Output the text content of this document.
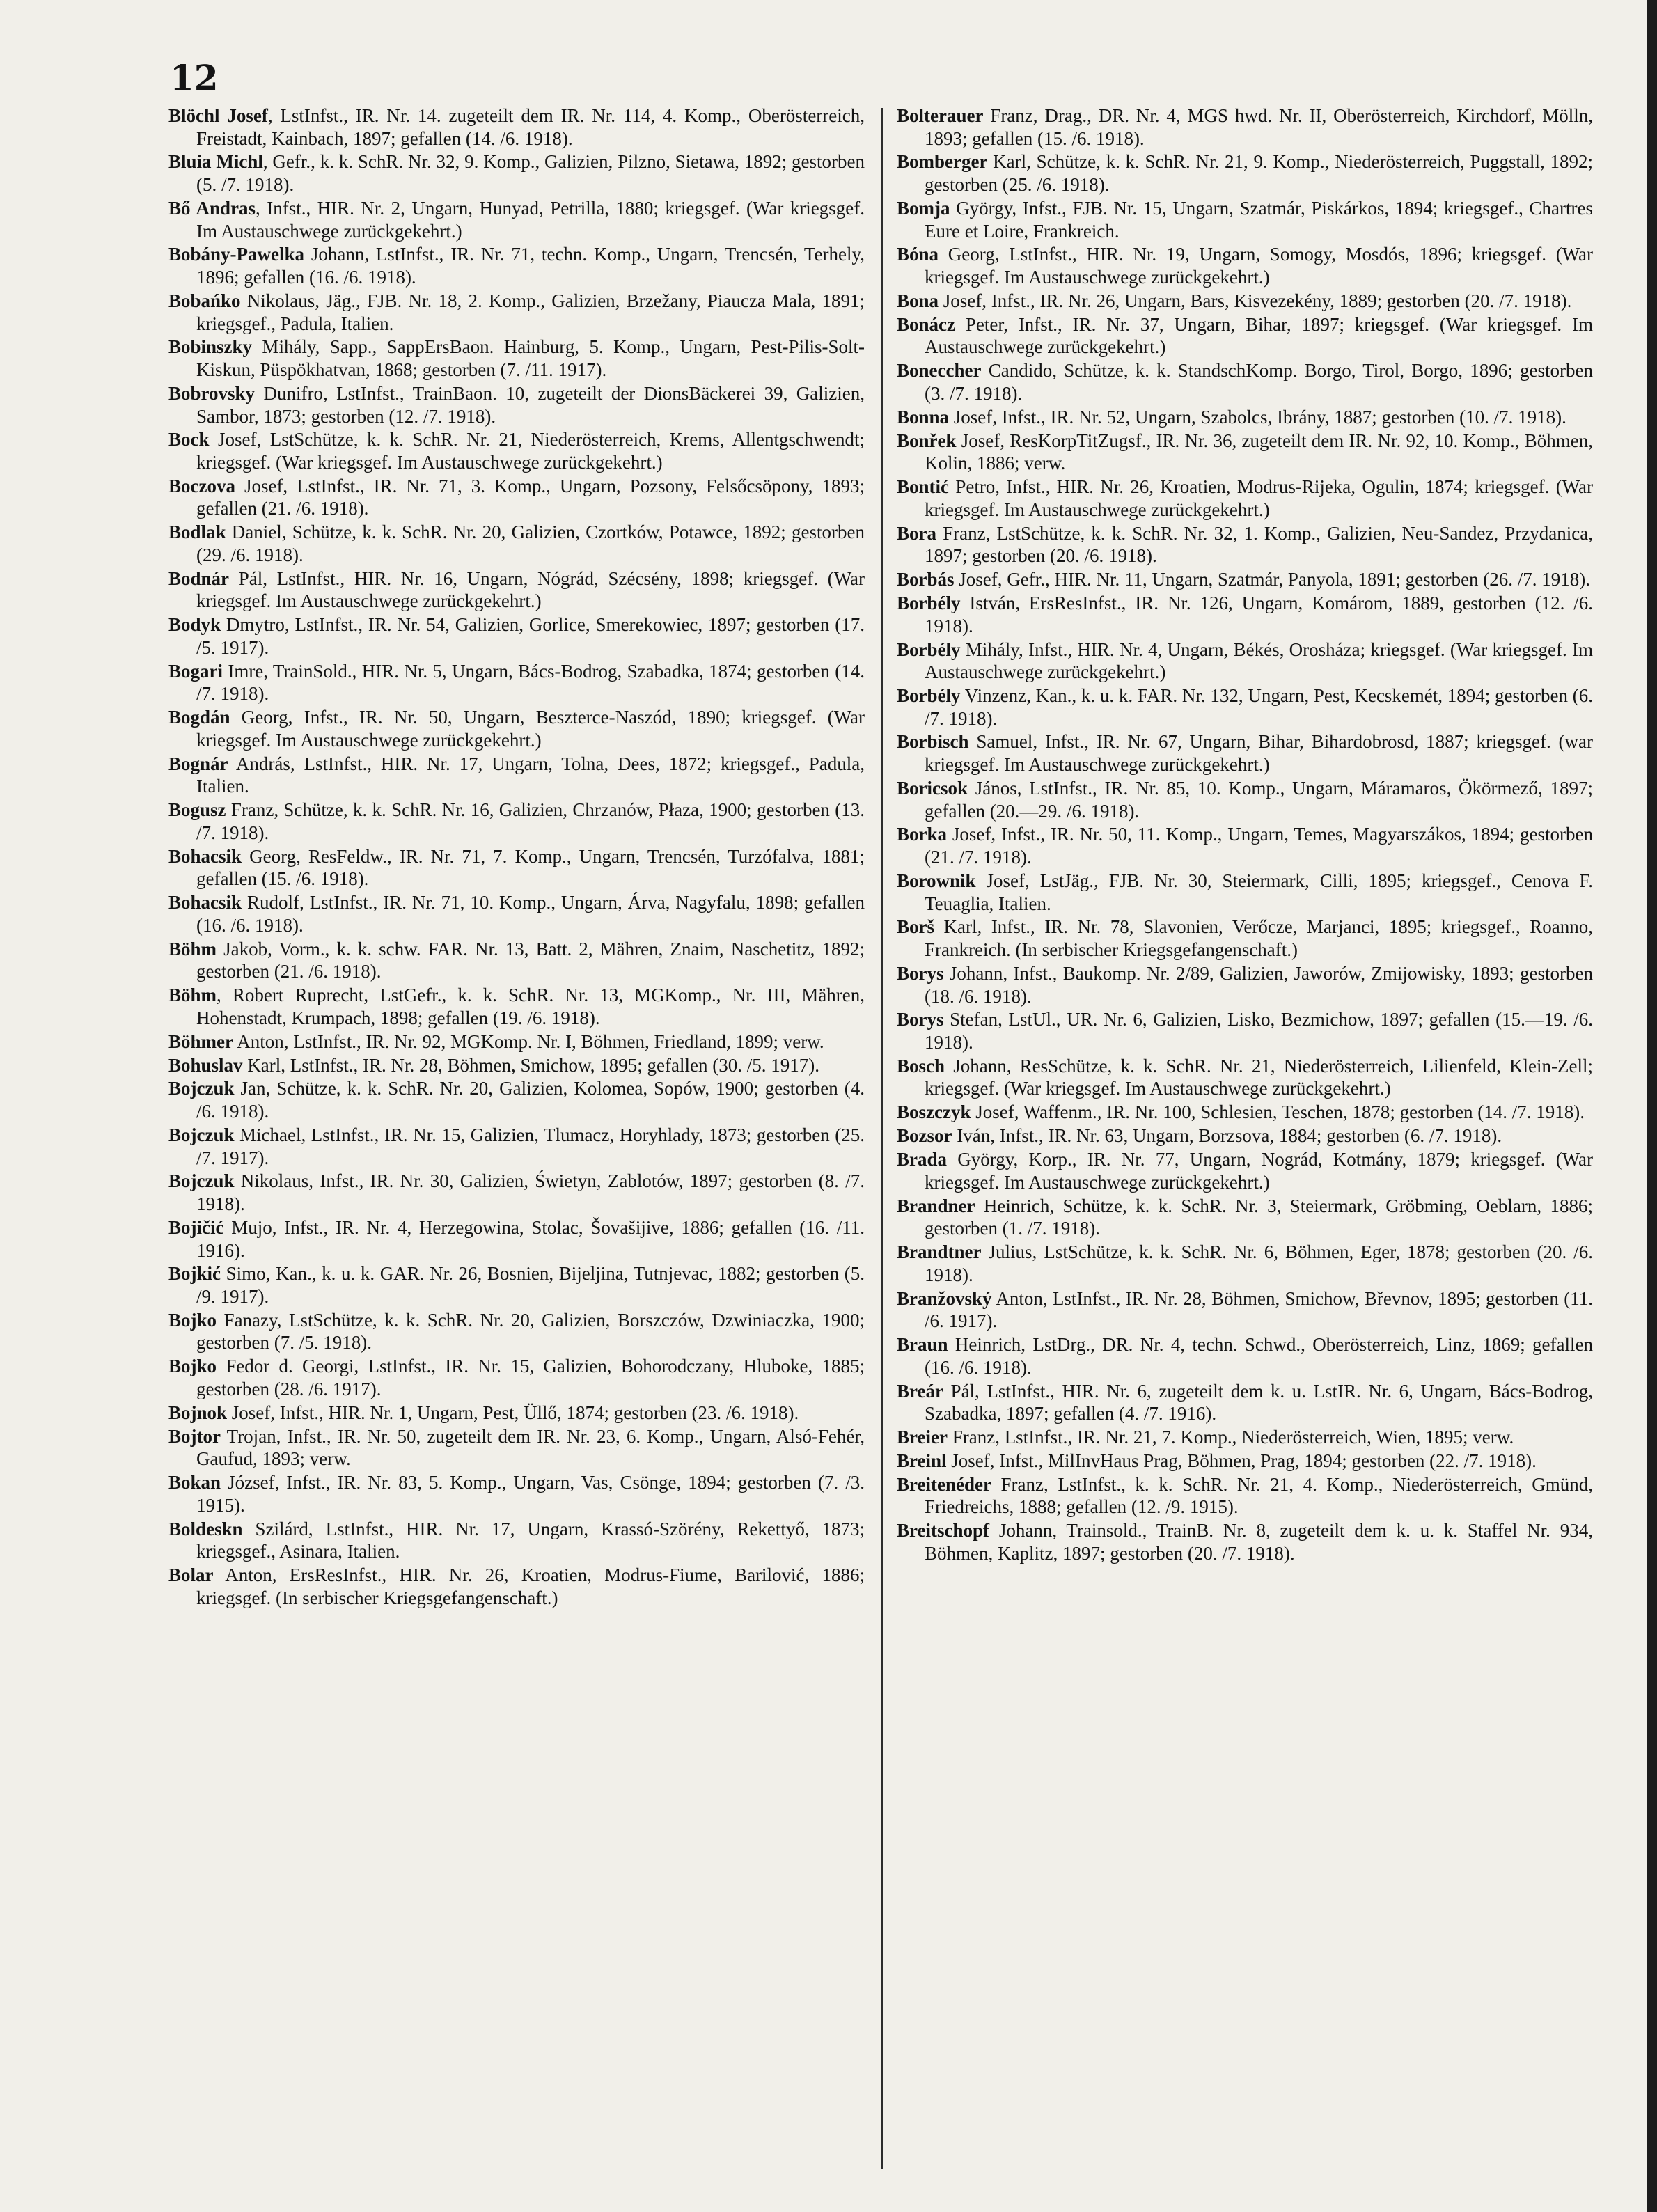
12

Blöchl Josef, LstInfst., IR. Nr. 14. zugeteilt dem IR. Nr. 114, 4. Komp., Oberösterreich, Freistadt, Kainbach, 1897; gefallen (14. /6. 1918).

Bluia Michl, Gefr., k. k. SchR. Nr. 32, 9. Komp., Galizien, Pilzno, Sietawa, 1892; gestorben (5. /7. 1918).

Bő Andras, Infst., HIR. Nr. 2, Ungarn, Hunyad, Petrilla, 1880; kriegsgef. (War kriegsgef. Im Austauschwege zurückgekehrt.)

Bobány-Pawelka Johann, LstInfst., IR. Nr. 71, techn. Komp., Ungarn, Trencsén, Terhely, 1896; gefallen (16. /6. 1918).

Bobańko Nikolaus, Jäg., FJB. Nr. 18, 2. Komp., Galizien, Brzežany, Piaucza Mala, 1891; kriegsgef., Padula, Italien.

Bobinszky Mihály, Sapp., SappErsBaon. Hainburg, 5. Komp., Ungarn, Pest-Pilis-Solt-Kiskun, Püspökhatvan, 1868; gestorben (7. /11. 1917).

Bobrovsky Dunifro, LstInfst., TrainBaon. 10, zugeteilt der DionsBäckerei 39, Galizien, Sambor, 1873; gestorben (12. /7. 1918).

Bock Josef, LstSchütze, k. k. SchR. Nr. 21, Niederösterreich, Krems, Allentgschwendt; kriegsgef. (War kriegsgef. Im Austauschwege zurückgekehrt.)

Boczova Josef, LstInfst., IR. Nr. 71, 3. Komp., Ungarn, Pozsony, Felsőcsöpony, 1893; gefallen (21. /6. 1918).

Bodlak Daniel, Schütze, k. k. SchR. Nr. 20, Galizien, Czortków, Potawce, 1892; gestorben (29. /6. 1918).

Bodnár Pál, LstInfst., HIR. Nr. 16, Ungarn, Nógrád, Szécsény, 1898; kriegsgef. (War kriegsgef. Im Austauschwege zurückgekehrt.)

Bodyk Dmytro, LstInfst., IR. Nr. 54, Galizien, Gorlice, Smerekowiec, 1897; gestorben (17. /5. 1917).

Bogari Imre, TrainSold., HIR. Nr. 5, Ungarn, Bács-Bodrog, Szabadka, 1874; gestorben (14. /7. 1918).

Bogdán Georg, Infst., IR. Nr. 50, Ungarn, Beszterce-Naszód, 1890; kriegsgef. (War kriegsgef. Im Austauschwege zurückgekehrt.)

Bognár András, LstInfst., HIR. Nr. 17, Ungarn, Tolna, Dees, 1872; kriegsgef., Padula, Italien.

Bogusz Franz, Schütze, k. k. SchR. Nr. 16, Galizien, Chrzanów, Płaza, 1900; gestorben (13. /7. 1918).

Bohacsik Georg, ResFeldw., IR. Nr. 71, 7. Komp., Ungarn, Trencsén, Turzófalva, 1881; gefallen (15. /6. 1918).

Bohacsik Rudolf, LstInfst., IR. Nr. 71, 10. Komp., Ungarn, Árva, Nagyfalu, 1898; gefallen (16. /6. 1918).

Böhm Jakob, Vorm., k. k. schw. FAR. Nr. 13, Batt. 2, Mähren, Znaim, Naschetitz, 1892; gestorben (21. /6. 1918).

Böhm, Robert Ruprecht, LstGefr., k. k. SchR. Nr. 13, MGKomp., Nr. III, Mähren, Hohenstadt, Krumpach, 1898; gefallen (19. /6. 1918).

Böhmer Anton, LstInfst., IR. Nr. 92, MGKomp. Nr. I, Böhmen, Friedland, 1899; verw.

Bohuslav Karl, LstInfst., IR. Nr. 28, Böhmen, Smichow, 1895; gefallen (30. /5. 1917).

Bojczuk Jan, Schütze, k. k. SchR. Nr. 20, Galizien, Kolomea, Sopów, 1900; gestorben (4. /6. 1918).

Bojczuk Michael, LstInfst., IR. Nr. 15, Galizien, Tlumacz, Horyhlady, 1873; gestorben (25. /7. 1917).

Bojczuk Nikolaus, Infst., IR. Nr. 30, Galizien, Świetyn, Zablotów, 1897; gestorben (8. /7. 1918).

Bojičić Mujo, Infst., IR. Nr. 4, Herzegowina, Stolac, Šovašijive, 1886; gefallen (16. /11. 1916).

Bojkić Simo, Kan., k. u. k. GAR. Nr. 26, Bosnien, Bijeljina, Tutnjevac, 1882; gestorben (5. /9. 1917).

Bojko Fanazy, LstSchütze, k. k. SchR. Nr. 20, Galizien, Borszczów, Dzwiniaczka, 1900; gestorben (7. /5. 1918).

Bojko Fedor d. Georgi, LstInfst., IR. Nr. 15, Galizien, Bohorodczany, Hluboke, 1885; gestorben (28. /6. 1917).

Bojnok Josef, Infst., HIR. Nr. 1, Ungarn, Pest, Üllő, 1874; gestorben (23. /6. 1918).

Bojtor Trojan, Infst., IR. Nr. 50, zugeteilt dem IR. Nr. 23, 6. Komp., Ungarn, Alsó-Fehér, Gaufud, 1893; verw.

Bokan József, Infst., IR. Nr. 83, 5. Komp., Ungarn, Vas, Csönge, 1894; gestorben (7. /3. 1915).

Boldeskn Szilárd, LstInfst., HIR. Nr. 17, Ungarn, Krassó-Szörény, Rekettyő, 1873; kriegsgef., Asinara, Italien.

Bolar Anton, ErsResInfst., HIR. Nr. 26, Kroatien, Modrus-Fiume, Barilović, 1886; kriegsgef. (In serbischer Kriegsgefangenschaft.)

Bolterauer Franz, Drag., DR. Nr. 4, MGS hwd. Nr. II, Oberösterreich, Kirchdorf, Mölln, 1893; gefallen (15. /6. 1918).

Bomberger Karl, Schütze, k. k. SchR. Nr. 21, 9. Komp., Niederösterreich, Puggstall, 1892; gestorben (25. /6. 1918).

Bomja György, Infst., FJB. Nr. 15, Ungarn, Szatmár, Piskárkos, 1894; kriegsgef., Chartres Eure et Loire, Frankreich.

Bóna Georg, LstInfst., HIR. Nr. 19, Ungarn, Somogy, Mosdós, 1896; kriegsgef. (War kriegsgef. Im Austauschwege zurückgekehrt.)

Bona Josef, Infst., IR. Nr. 26, Ungarn, Bars, Kisvezekény, 1889; gestorben (20. /7. 1918).

Bonácz Peter, Infst., IR. Nr. 37, Ungarn, Bihar, 1897; kriegsgef. (War kriegsgef. Im Austauschwege zurückgekehrt.)

Boneccher Candido, Schütze, k. k. StandschKomp. Borgo, Tirol, Borgo, 1896; gestorben (3. /7. 1918).

Bonna Josef, Infst., IR. Nr. 52, Ungarn, Szabolcs, Ibrány, 1887; gestorben (10. /7. 1918).

Bonřek Josef, ResKorpTitZugsf., IR. Nr. 36, zugeteilt dem IR. Nr. 92, 10. Komp., Böhmen, Kolin, 1886; verw.

Bontić Petro, Infst., HIR. Nr. 26, Kroatien, Modrus-Rijeka, Ogulin, 1874; kriegsgef. (War kriegsgef. Im Austauschwege zurückgekehrt.)

Bora Franz, LstSchütze, k. k. SchR. Nr. 32, 1. Komp., Galizien, Neu-Sandez, Przydanica, 1897; gestorben (20. /6. 1918).

Borbás Josef, Gefr., HIR. Nr. 11, Ungarn, Szatmár, Panyola, 1891; gestorben (26. /7. 1918).

Borbély István, ErsResInfst., IR. Nr. 126, Ungarn, Komárom, 1889, gestorben (12. /6. 1918).

Borbély Mihály, Infst., HIR. Nr. 4, Ungarn, Békés, Orosháza; kriegsgef. (War kriegsgef. Im Austauschwege zurückgekehrt.)

Borbély Vinzenz, Kan., k. u. k. FAR. Nr. 132, Ungarn, Pest, Kecskemét, 1894; gestorben (6. /7. 1918).

Borbisch Samuel, Infst., IR. Nr. 67, Ungarn, Bihar, Bihardobrosd, 1887; kriegsgef. (war kriegsgef. Im Austauschwege zurückgekehrt.)

Boricsok János, LstInfst., IR. Nr. 85, 10. Komp., Ungarn, Máramaros, Ökörmező, 1897; gefallen (20.—29. /6. 1918).

Borka Josef, Infst., IR. Nr. 50, 11. Komp., Ungarn, Temes, Magyarszákos, 1894; gestorben (21. /7. 1918).

Borownik Josef, LstJäg., FJB. Nr. 30, Steiermark, Cilli, 1895; kriegsgef., Cenova F. Teuaglia, Italien.

Borš Karl, Infst., IR. Nr. 78, Slavonien, Verőcze, Marjanci, 1895; kriegsgef., Roanno, Frankreich. (In serbischer Kriegsgefangenschaft.)

Borys Johann, Infst., Baukomp. Nr. 2/89, Galizien, Jaworów, Zmijowisky, 1893; gestorben (18. /6. 1918).

Borys Stefan, LstUl., UR. Nr. 6, Galizien, Lisko, Bezmichow, 1897; gefallen (15.—19. /6. 1918).

Bosch Johann, ResSchütze, k. k. SchR. Nr. 21, Niederösterreich, Lilienfeld, Klein-Zell; kriegsgef. (War kriegsgef. Im Austauschwege zurückgekehrt.)

Boszczyk Josef, Waffenm., IR. Nr. 100, Schlesien, Teschen, 1878; gestorben (14. /7. 1918).

Bozsor Iván, Infst., IR. Nr. 63, Ungarn, Borzsova, 1884; gestorben (6. /7. 1918).

Brada György, Korp., IR. Nr. 77, Ungarn, Nográd, Kotmány, 1879; kriegsgef. (War kriegsgef. Im Austauschwege zurückgekehrt.)

Brandner Heinrich, Schütze, k. k. SchR. Nr. 3, Steiermark, Gröbming, Oeblarn, 1886; gestorben (1. /7. 1918).

Brandtner Julius, LstSchütze, k. k. SchR. Nr. 6, Böhmen, Eger, 1878; gestorben (20. /6. 1918).

Branžovský Anton, LstInfst., IR. Nr. 28, Böhmen, Smichow, Břevnov, 1895; gestorben (11. /6. 1917).

Braun Heinrich, LstDrg., DR. Nr. 4, techn. Schwd., Oberösterreich, Linz, 1869; gefallen (16. /6. 1918).

Breár Pál, LstInfst., HIR. Nr. 6, zugeteilt dem k. u. LstIR. Nr. 6, Ungarn, Bács-Bodrog, Szabadka, 1897; gefallen (4. /7. 1916).

Breier Franz, LstInfst., IR. Nr. 21, 7. Komp., Niederösterreich, Wien, 1895; verw.

Breinl Josef, Infst., MilInvHaus Prag, Böhmen, Prag, 1894; gestorben (22. /7. 1918).

Breitenéder Franz, LstInfst., k. k. SchR. Nr. 21, 4. Komp., Niederösterreich, Gmünd, Friedreichs, 1888; gefallen (12. /9. 1915).

Breitschopf Johann, Trainsold., TrainB. Nr. 8, zugeteilt dem k. u. k. Staffel Nr. 934, Böhmen, Kaplitz, 1897; gestorben (20. /7. 1918).
